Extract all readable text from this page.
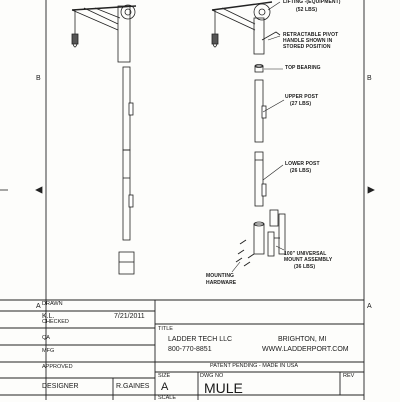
B	B
A	A
LIFTING -(EQUIPMENT)
(52 LBS)
RETRACTABLE PIVOT
HANDLE SHOWN IN
STORED POSITION
TOP BEARING
UPPER POST
(27 LBS)
LOWER POST
(26 LBS)
100" UNIVERSAL
MOUNT ASSEMBLY
(36 LBS)
MOUNTING
HARDWARE
DRAWN
K.L.	7/21/2011
CHECKED
QA
MFG
APPROVED
DESIGNER	R.GAINES
TITLE
LADDER TECH LLC
800-770-8851
BRIGHTON, MI
WWW.LADDERPORT.COM
PATENT PENDING - MADE IN USA
SIZE
A
DWG NO
MULE
REV
SCALE
